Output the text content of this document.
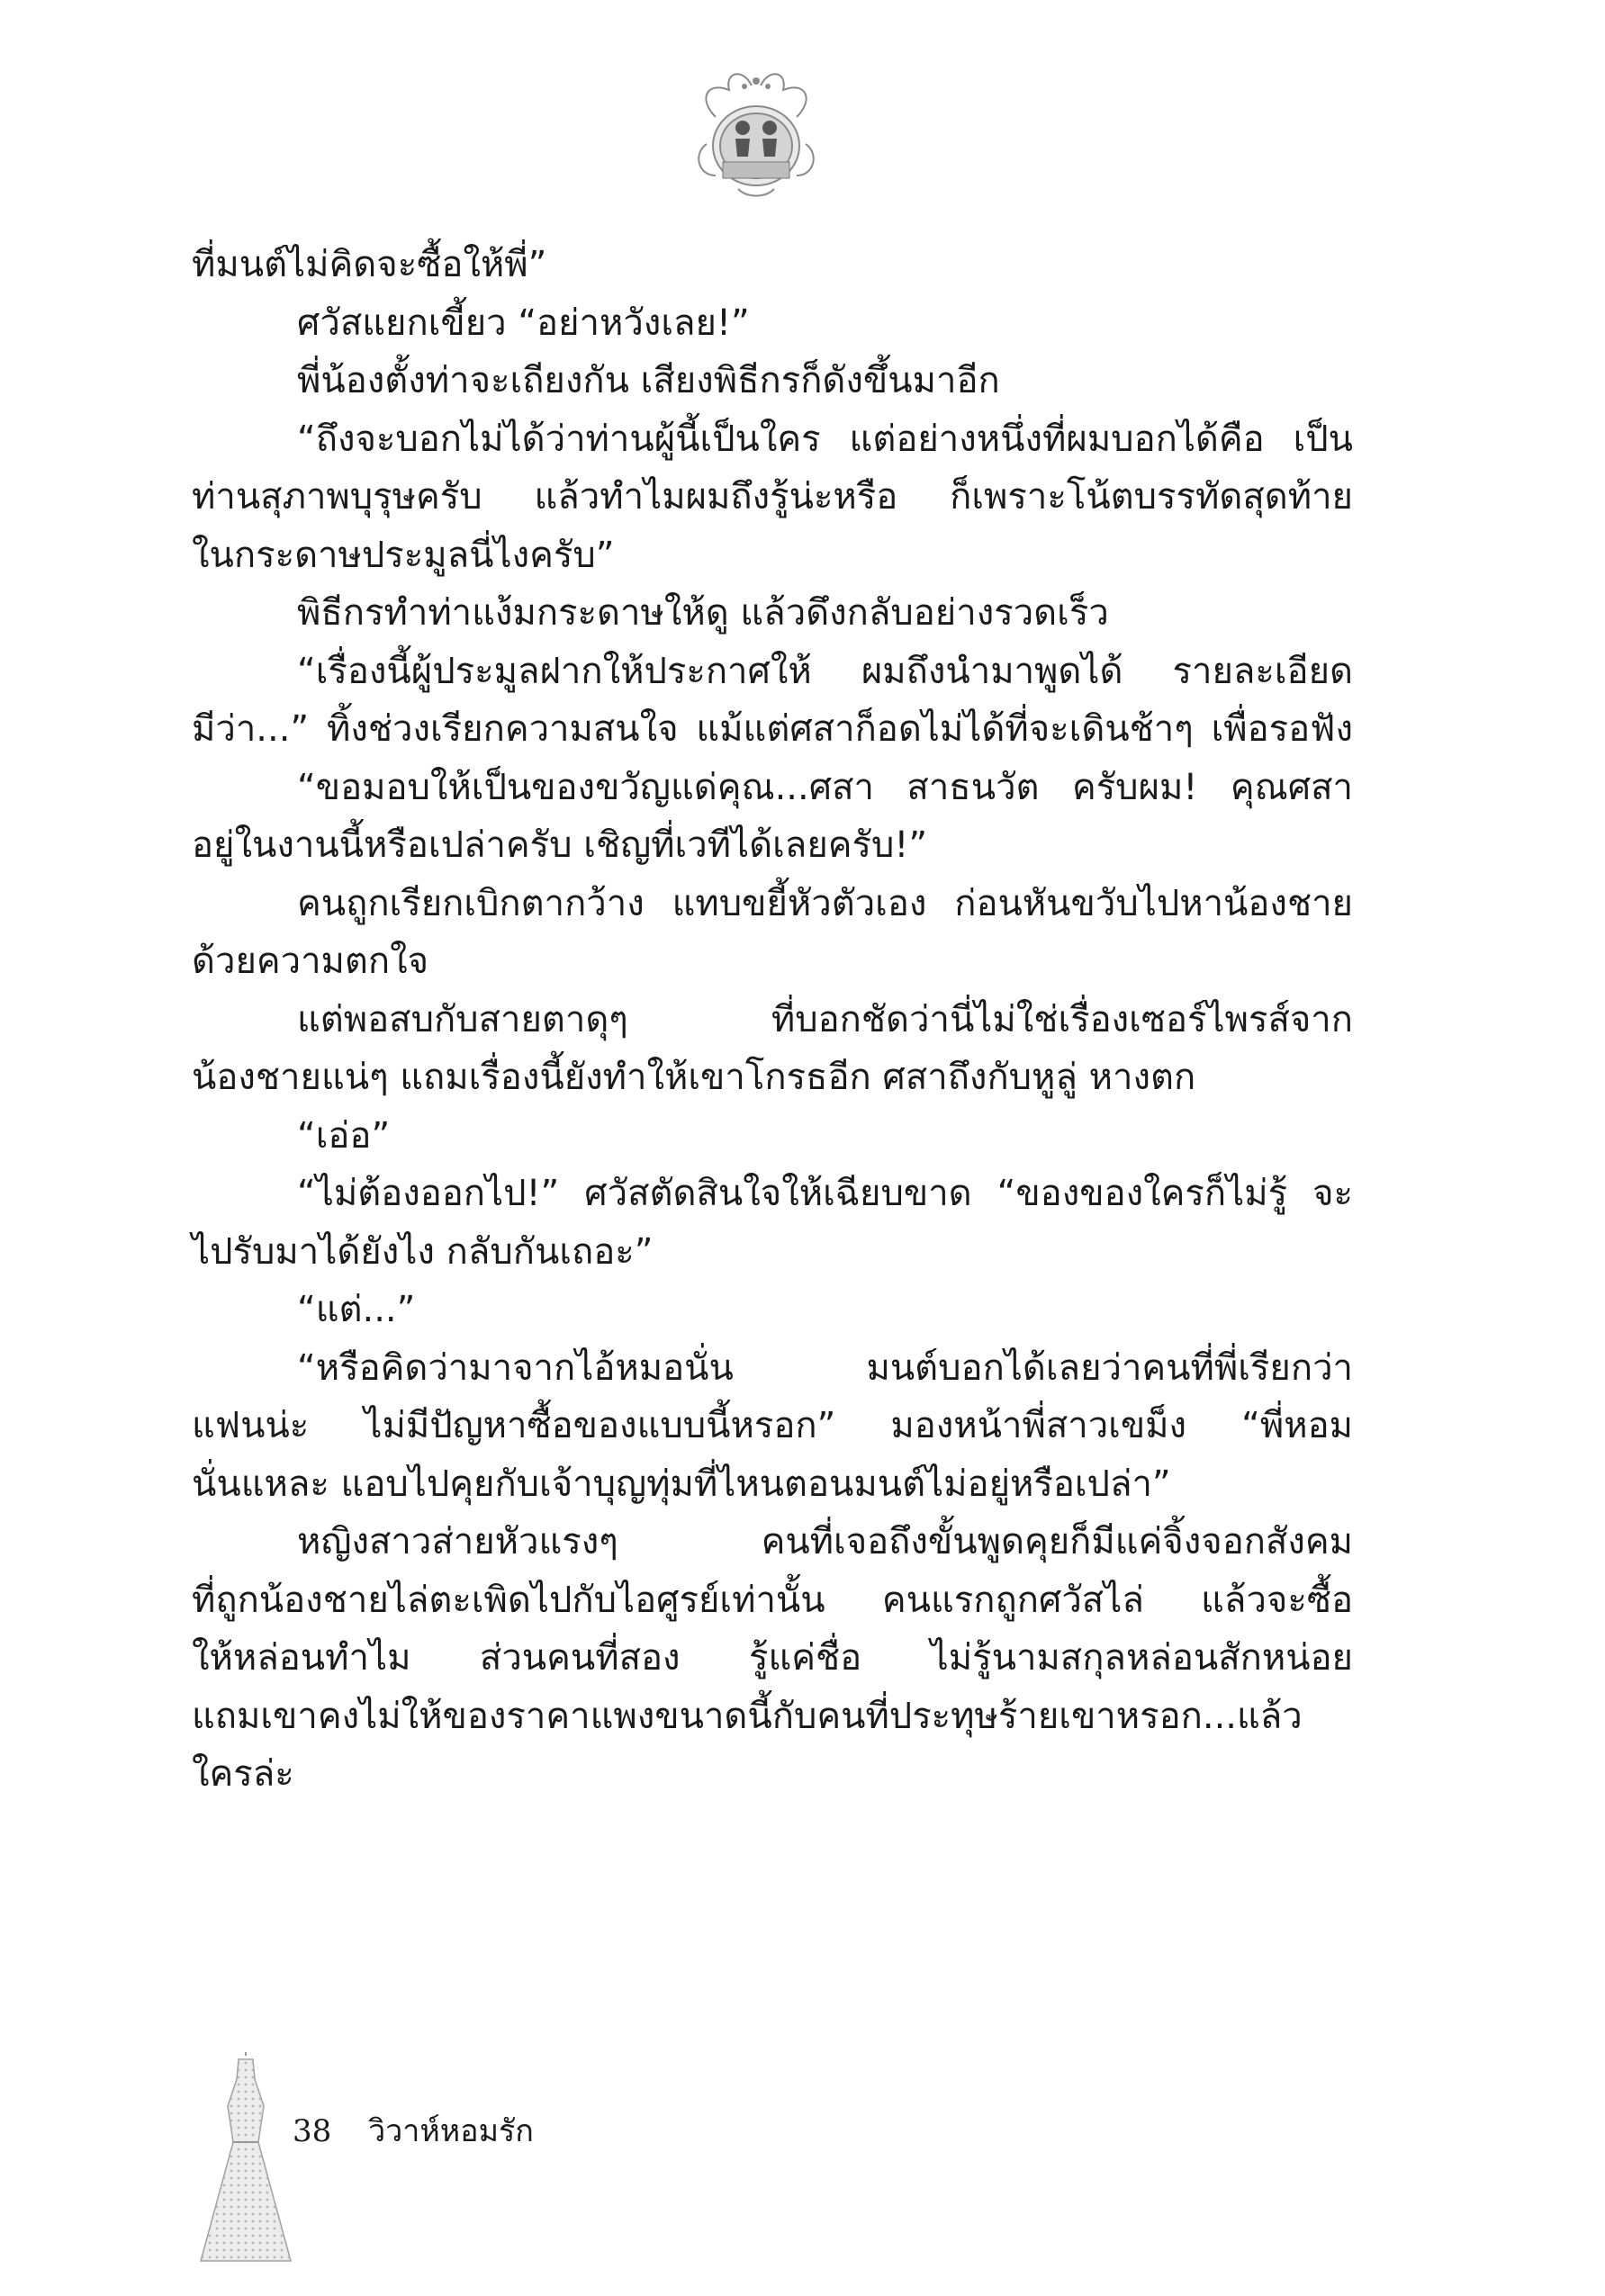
ที่มนต์ไม่คิดจะซื้อให้พี่”
ศวัสแยกเขี้ยว “อย่าหวังเลย!”
พี่น้องตั้งท่าจะเถียงกัน เสียงพิธีกรก็ดังขึ้นมาอีก
“ถึงจะบอกไม่ได้ว่าท่านผู้นี้เป็นใคร แต่อย่างหนึ่งที่ผมบอกได้คือ เป็น
ท่านสุภาพบุรุษครับ แล้วทำไมผมถึงรู้น่ะหรือ ก็เพราะโน้ตบรรทัดสุดท้าย
ในกระดาษประมูลนี่ไงครับ”
พิธีกรทำท่าแง้มกระดาษให้ดู แล้วดึงกลับอย่างรวดเร็ว
“เรื่องนี้ผู้ประมูลฝากให้ประกาศให้ ผมถึงนำมาพูดได้ รายละเอียด
มีว่า...” ทิ้งช่วงเรียกความสนใจ แม้แต่ศสาก็อดไม่ได้ที่จะเดินช้าๆ เพื่อรอฟัง
“ขอมอบให้เป็นของขวัญแด่คุณ...ศสา สาธนวัต ครับผม! คุณศสา
อยู่ในงานนี้หรือเปล่าครับ เชิญที่เวทีได้เลยครับ!”
คนถูกเรียกเบิกตากว้าง แทบขยี้หัวตัวเอง ก่อนหันขวับไปหาน้องชาย
ด้วยความตกใจ
แต่พอสบกับสายตาดุๆ ที่บอกชัดว่านี่ไม่ใช่เรื่องเซอร์ไพรส์จาก
น้องชายแน่ๆ แถมเรื่องนี้ยังทำให้เขาโกรธอีก ศสาถึงกับหูลู่ หางตก
“เอ่อ”
“ไม่ต้องออกไป!” ศวัสตัดสินใจให้เฉียบขาด “ของของใครก็ไม่รู้ จะ
ไปรับมาได้ยังไง กลับกันเถอะ”
“แต่...”
“หรือคิดว่ามาจากไอ้หมอนั่น มนต์บอกได้เลยว่าคนที่พี่เรียกว่า
แฟนน่ะ ไม่มีปัญหาซื้อของแบบนี้หรอก” มองหน้าพี่สาวเขม็ง “พี่หอม
นั่นแหละ แอบไปคุยกับเจ้าบุญทุ่มที่ไหนตอนมนต์ไม่อยู่หรือเปล่า”
หญิงสาวส่ายหัวแรงๆ คนที่เจอถึงขั้นพูดคุยก็มีแค่จิ้งจอกสังคม
ที่ถูกน้องชายไล่ตะเพิดไปกับไอศูรย์เท่านั้น คนแรกถูกศวัสไล่ แล้วจะซื้อ
ให้หล่อนทำไม ส่วนคนที่สอง รู้แค่ชื่อ ไม่รู้นามสกุลหล่อนสักหน่อย
แถมเขาคงไม่ให้ของราคาแพงขนาดนี้กับคนที่ประทุษร้ายเขาหรอก...แล้ว
ใครล่ะ
38 วิวาห์หอมรัก
